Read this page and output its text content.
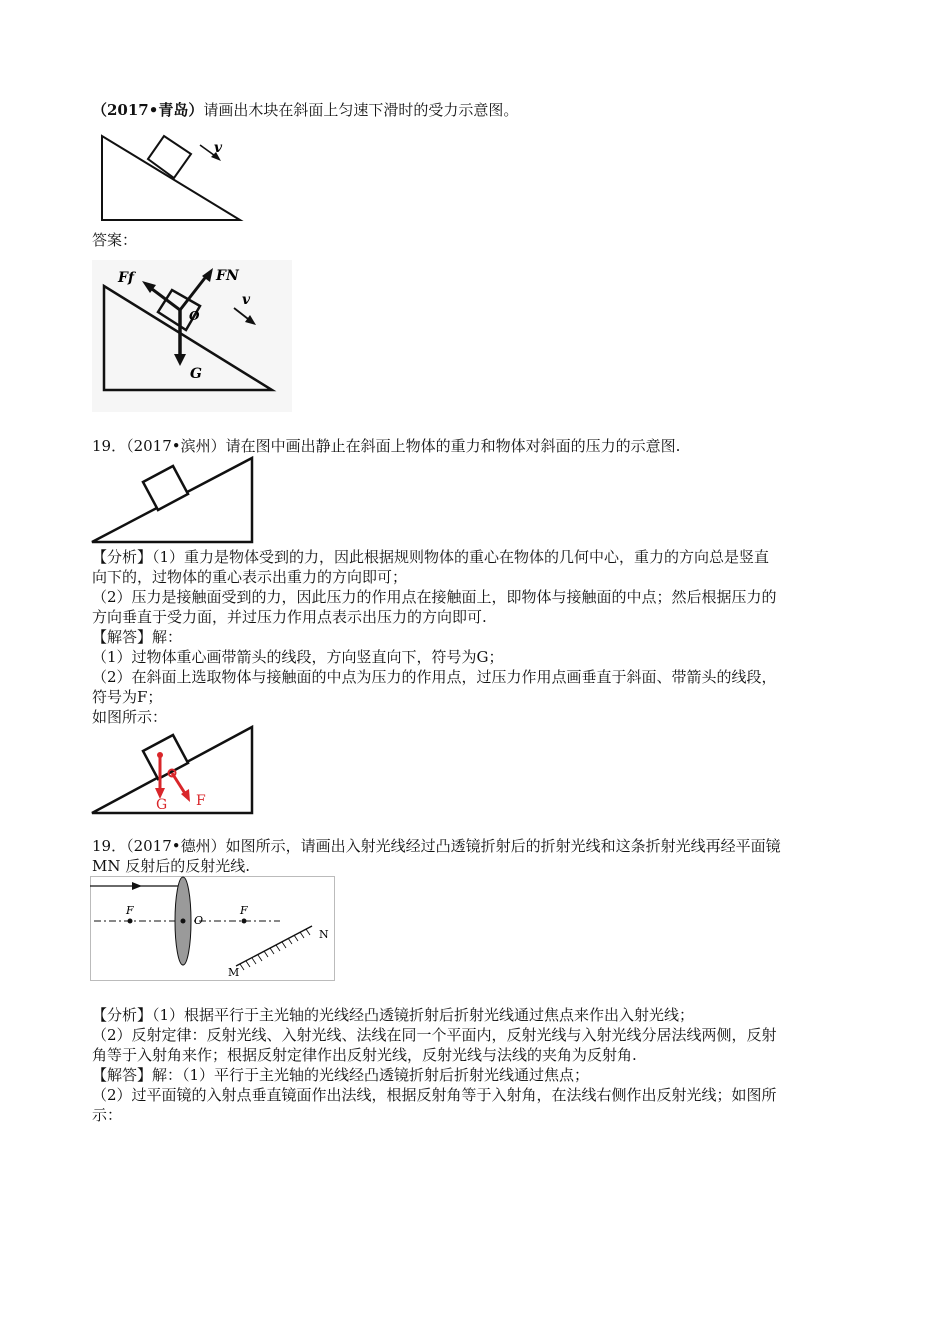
（2017•青岛）请画出木块在斜面上匀速下滑时的受力示意图。
v
答案：
Ff	FN
v
O
G
19．（2017•滨州）请在图中画出静止在斜面上物体的重力和物体对斜面的压力的示意图.
【分析】（1）重力是物体受到的力，因此根据规则物体的重心在物体的几何中心，重力的方向总是竖直
向下的，过物体的重心表示出重力的方向即可；
（2）压力是接触面受到的力，因此压力的作用点在接触面上，即物体与接触面的中点；然后根据压力的
方向垂直于受力面，并过压力作用点表示出压力的方向即可.
【解答】解：
（1）过物体重心画带箭头的线段，方向竖直向下，符号为G；
（2）在斜面上选取物体与接触面的中点为压力的作用点，过压力作用点画垂直于斜面、带箭头的线段，
符号为F；
如图所示：
G F
19．（2017•德州）如图所示，请画出入射光线经过凸透镜折射后的折射光线和这条折射光线再经平面镜
MN 反射后的反射光线.
F
O
F
N
M
【分析】（1）根据平行于主光轴的光线经凸透镜折射后折射光线通过焦点来作出入射光线；
（2）反射定律：反射光线、入射光线、法线在同一个平面内，反射光线与入射光线分居法线两侧，反射
角等于入射角来作；根据反射定律作出反射光线，反射光线与法线的夹角为反射角.
【解答】解：（1）平行于主光轴的光线经凸透镜折射后折射光线通过焦点；
（2）过平面镜的入射点垂直镜面作出法线，根据反射角等于入射角，在法线右侧作出反射光线；如图所
示：
